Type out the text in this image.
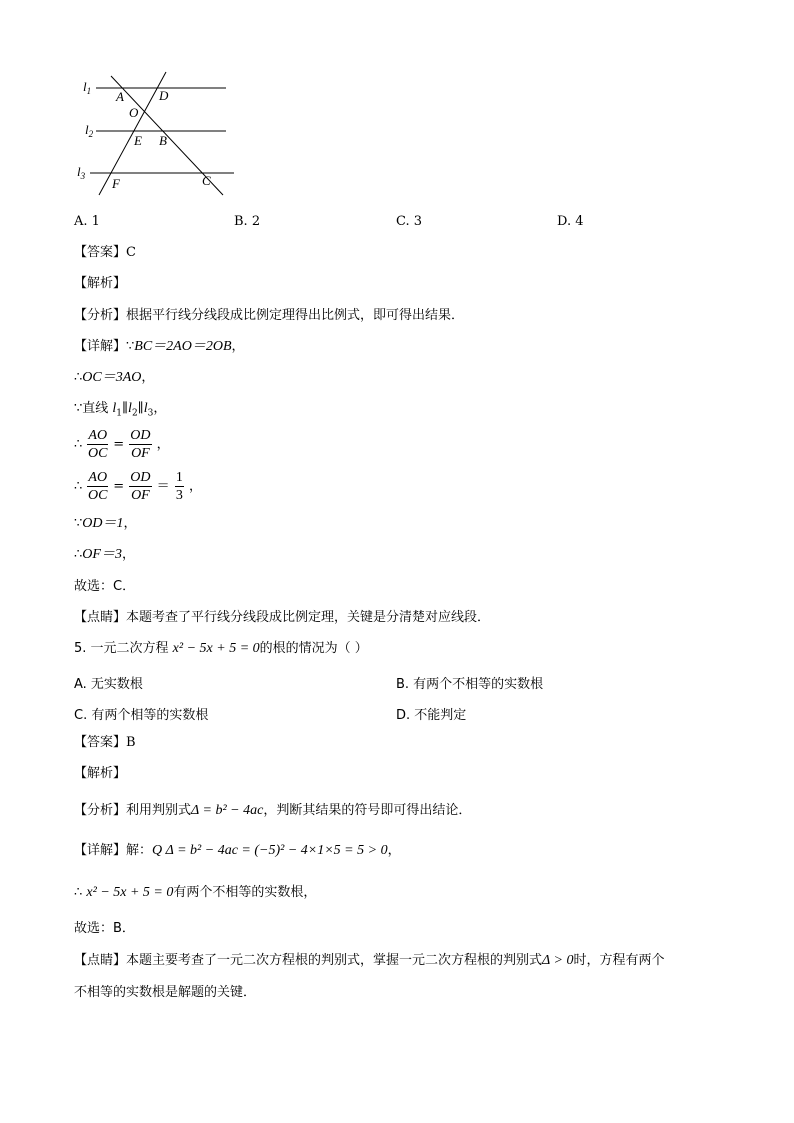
$l_1$
$l_2$
$l_3$
A	D
O
E B
F	C
A. 1	B. 2	C. 3	D. 4
【答案】C
【解析】
【分析】根据平行线分线段成比例定理得出比例式，即可得出结果．
【详解】∵BC＝2AO＝2OB，
∴OC＝3AO，
∵直线 $l_1\parallel l_2\parallel l_3$，
∴ $\frac{AO}{OC} = \frac{OD}{OF}$ ，
∴ $\frac{AO}{OC} = \frac{OD}{OF} = \frac{1}{3}$ ，
∵OD＝1，
∴OF＝3，
故选：C．
【点睛】本题考查了平行线分线段成比例定理，关键是分清楚对应线段．
5. 一元二次方程 x² − 5x + 5 = 0的根的情况为（ ）
A. 无实数根	B. 有两个不相等的实数根
C. 有两个相等的实数根	D. 不能判定
【答案】B
【解析】
【分析】利用判别式Δ = b² − 4ac，判断其结果的符号即可得出结论．
【详解】解：Q Δ = b² − 4ac = (−5)² − 4×1×5 = 5 > 0，
∴ x² − 5x + 5 = 0有两个不相等的实数根，
故选：B．
【点睛】本题主要考查了一元二次方程根的判别式，掌握一元二次方程根的判别式Δ > 0时，方程有两个
不相等的实数根是解题的关键．
